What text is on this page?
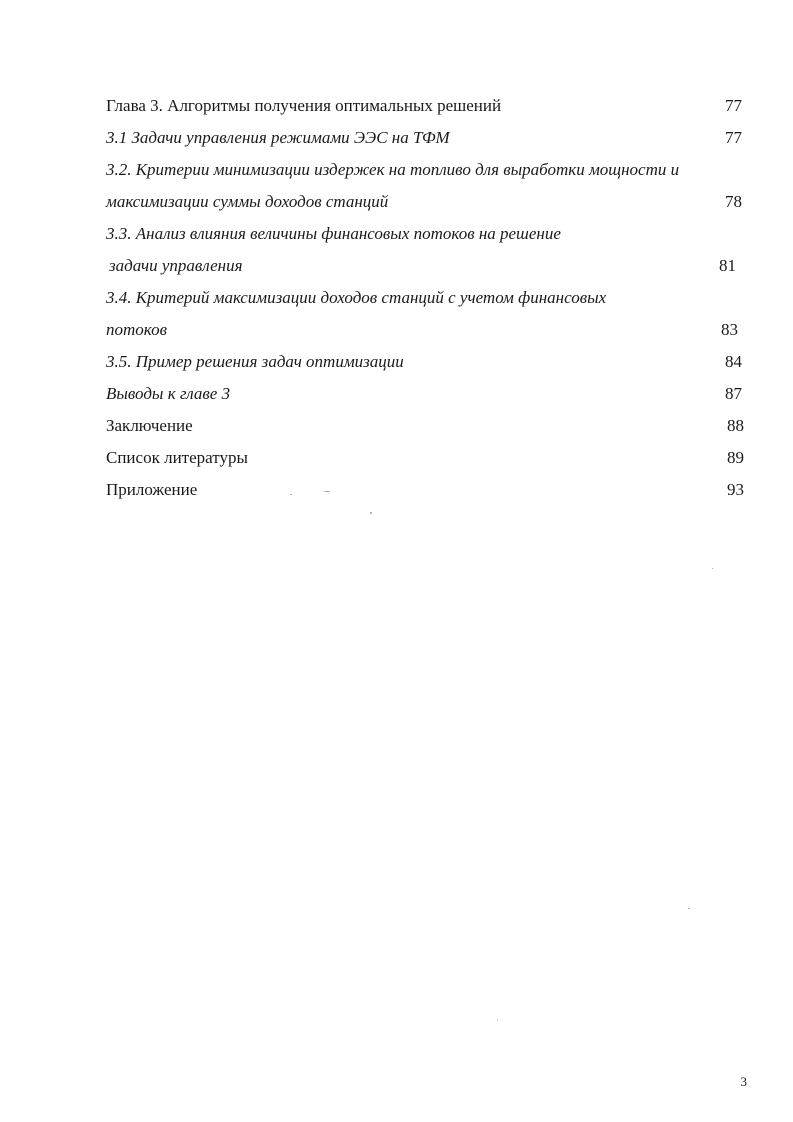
Глава 3. Алгоритмы получения оптимальных решений	77
3.1 Задачи управления режимами ЭЭС на ТФМ	77
3.2. Критерии минимизации издержек на топливо для выработки мощности и
максимизации суммы доходов станций	78
3.3. Анализ влияния величины финансовых потоков на решение
задачи управления	81
3.4. Критерий максимизации доходов станций с учетом финансовых
потоков	83
3.5. Пример решения задач оптимизации	84
Выводы к главе 3	87
Заключение	88
Список литературы	89
Приложение	93
3
